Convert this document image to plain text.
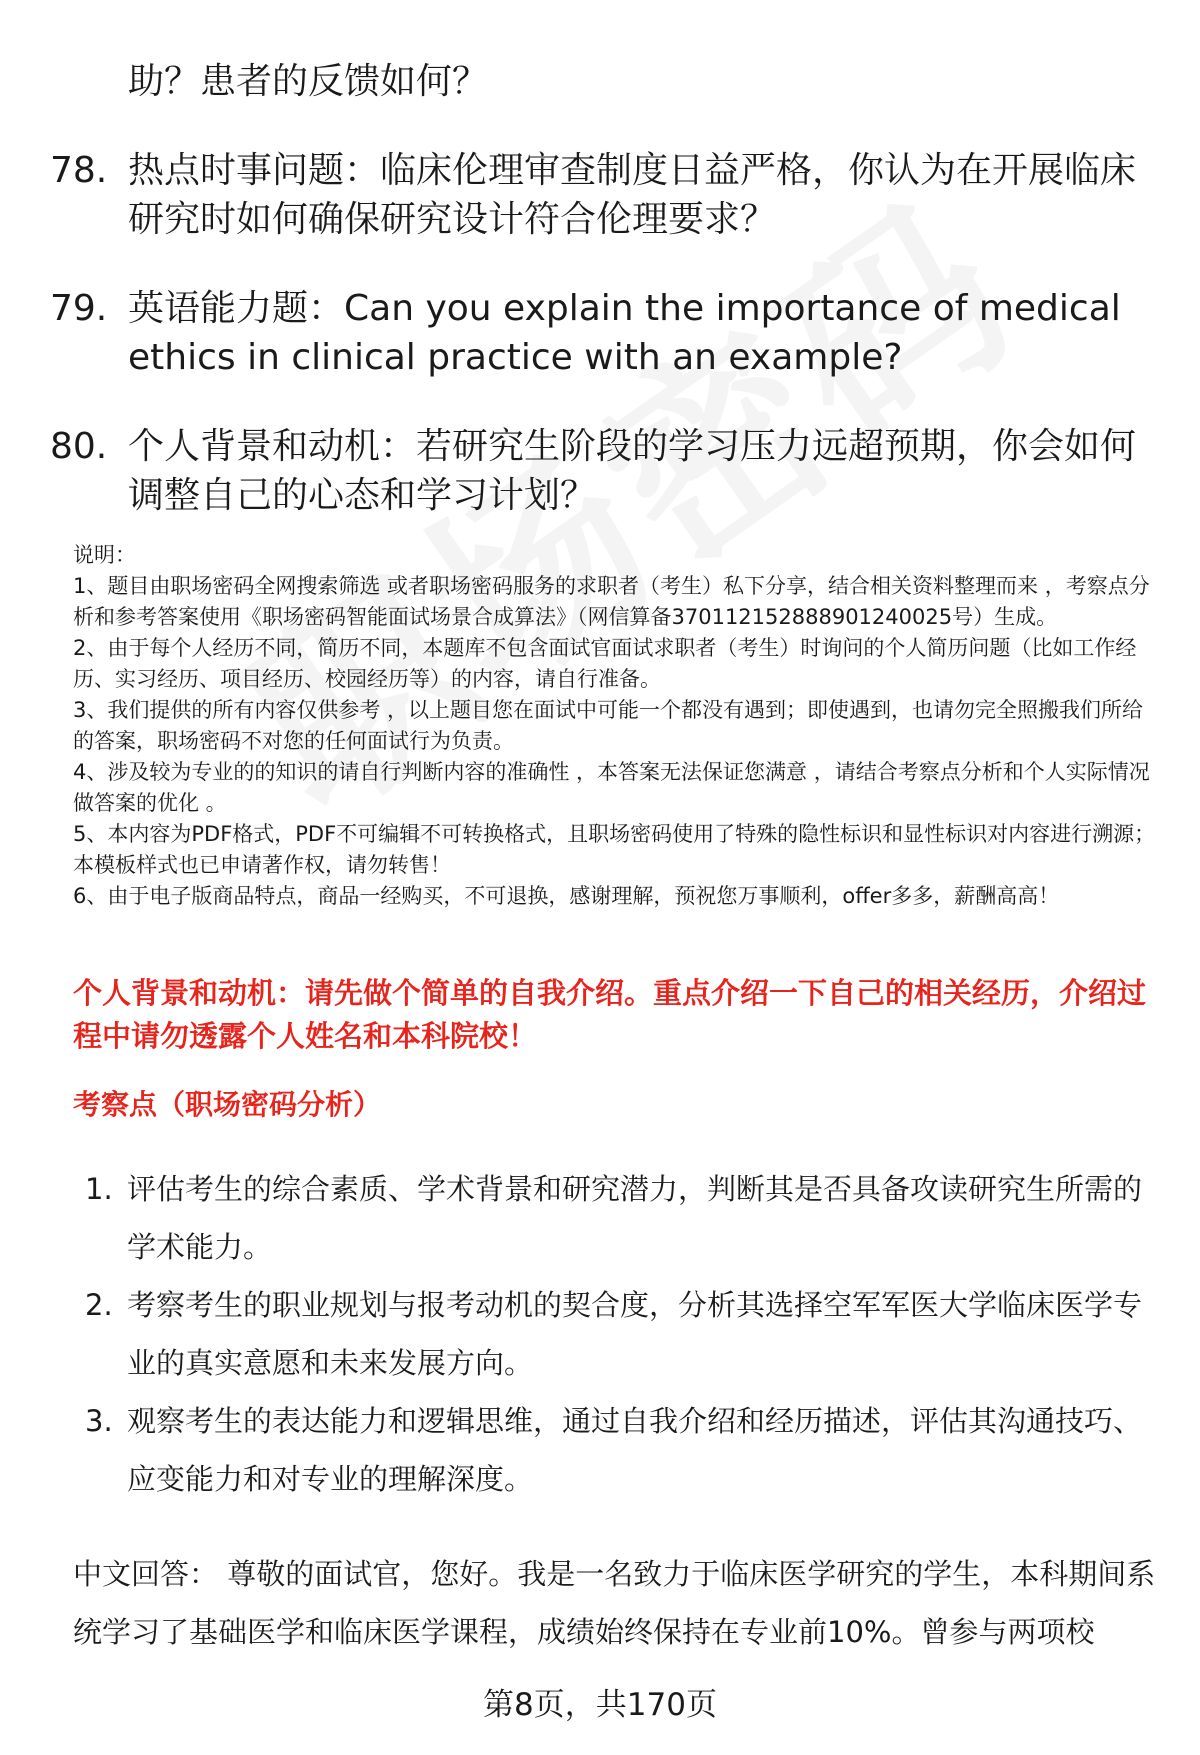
助？患者的反馈如何？
78. 热点时事问题：临床伦理审查制度日益严格，你认为在开展临床研究时如何确保研究设计符合伦理要求？
79. 英语能力题：Can you explain the importance of medical ethics in clinical practice with an example?
80. 个人背景和动机：若研究生阶段的学习压力远超预期，你会如何调整自己的心态和学习计划？

说明：

1、题目由职场密码全网搜索筛选 或者职场密码服务的求职者（考生）私下分享，结合相关资料整理而来 ，考察点分析和参考答案使用《职场密码智能面试场景合成算法》（网信算备3701121528889012400​25号）生成。

2、由于每个人经历不同，简历不同，本题库不包含面试官面试求职者（考生）时询问的个人简历问题（比如工作经历、实习经历、项目经历、校园经历等）的内容，请自行准备。

3、我们提供的所有内容仅供参考 ，以上题目您在面试中可能一个都没有遇到；即使遇到，也请勿完全照搬我们所给的答案，职场密码不对您的任何面试行为负责。

4、涉及较为专业的的知识的请自行判断内容的准确性 ，本答案无法保证您满意 ，请结合考察点分析和个人实际情况做答案的优化 。

5、本内容为PDF格式，PDF不可编辑不可转换格式，且职场密码使用了特殊的隐性标识和显性标识对内容进行溯源；本模板样式也已申请著作权，请勿转售！

6、由于电子版商品特点，商品一经购买，不可退换，感谢理解，预祝您万事顺利，offer多多，薪酬高高！

个人背景和动机：请先做个简单的自我介绍。重点介绍一下自己的相关经历，介绍过程中请勿透露个人姓名和本科院校！
考察点（职场密码分析）
1. 评估考生的综合素质、学术背景和研究潜力，判断其是否具备攻读研究生所需的学术能力。
2. 考察考生的职业规划与报考动机的契合度，分析其选择空军军医大学临床医学专业的真实意愿和未来发展方向。
3. 观察考生的表达能力和逻辑思维，通过自我介绍和经历描述，评估其沟通技巧、应变能力和对专业的理解深度。
中文回答： 尊敬的面试官，您好。我是一名致力于临床医学研究的学生，本科期间系统学习了基础医学和临床医学课程，成绩始终保持在专业前10%。曾参与两项校
第8页，共170页
